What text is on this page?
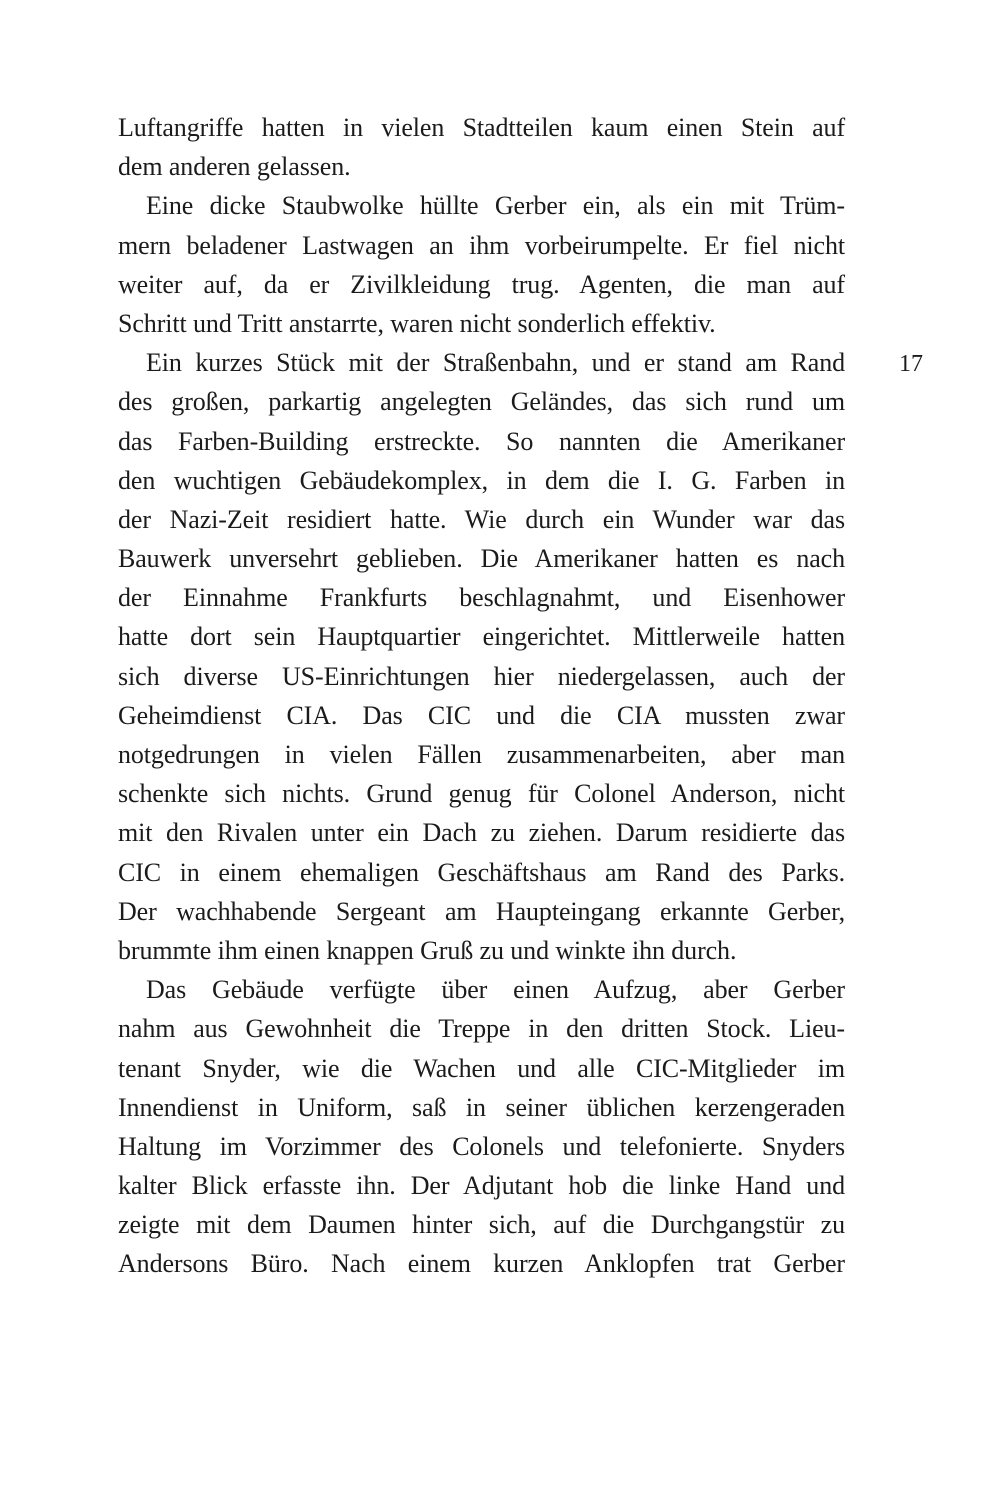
Luftangriffe hatten in vielen Stadtteilen kaum einen Stein auf
dem anderen gelassen.
Eine dicke Staubwolke hüllte Gerber ein, als ein mit Trüm-
mern beladener Lastwagen an ihm vorbeirumpelte. Er fiel nicht
weiter auf, da er Zivilkleidung trug. Agenten, die man auf
Schritt und Tritt anstarrte, waren nicht sonderlich effektiv.
Ein kurzes Stück mit der Straßenbahn, und er stand am Rand
des großen, parkartig angelegten Geländes, das sich rund um
das Farben-Building erstreckte. So nannten die Amerikaner
den wuchtigen Gebäudekomplex, in dem die I. G. Farben in
der Nazi-Zeit residiert hatte. Wie durch ein Wunder war das
Bauwerk unversehrt geblieben. Die Amerikaner hatten es nach
der Einnahme Frankfurts beschlagnahmt, und Eisenhower
hatte dort sein Hauptquartier eingerichtet. Mittlerweile hatten
sich diverse US-Einrichtungen hier niedergelassen, auch der
Geheimdienst CIA. Das CIC und die CIA mussten zwar
notgedrungen in vielen Fällen zusammenarbeiten, aber man
schenkte sich nichts. Grund genug für Colonel Anderson, nicht
mit den Rivalen unter ein Dach zu ziehen. Darum residierte das
CIC in einem ehemaligen Geschäftshaus am Rand des Parks.
Der wachhabende Sergeant am Haupteingang erkannte Gerber,
brummte ihm einen knappen Gruß zu und winkte ihn durch.
Das Gebäude verfügte über einen Aufzug, aber Gerber
nahm aus Gewohnheit die Treppe in den dritten Stock. Lieu-
tenant Snyder, wie die Wachen und alle CIC-Mitglieder im
Innendienst in Uniform, saß in seiner üblichen kerzengeraden
Haltung im Vorzimmer des Colonels und telefonierte. Snyders
kalter Blick erfasste ihn. Der Adjutant hob die linke Hand und
zeigte mit dem Daumen hinter sich, auf die Durchgangstür zu
Andersons Büro. Nach einem kurzen Anklopfen trat Gerber
17
